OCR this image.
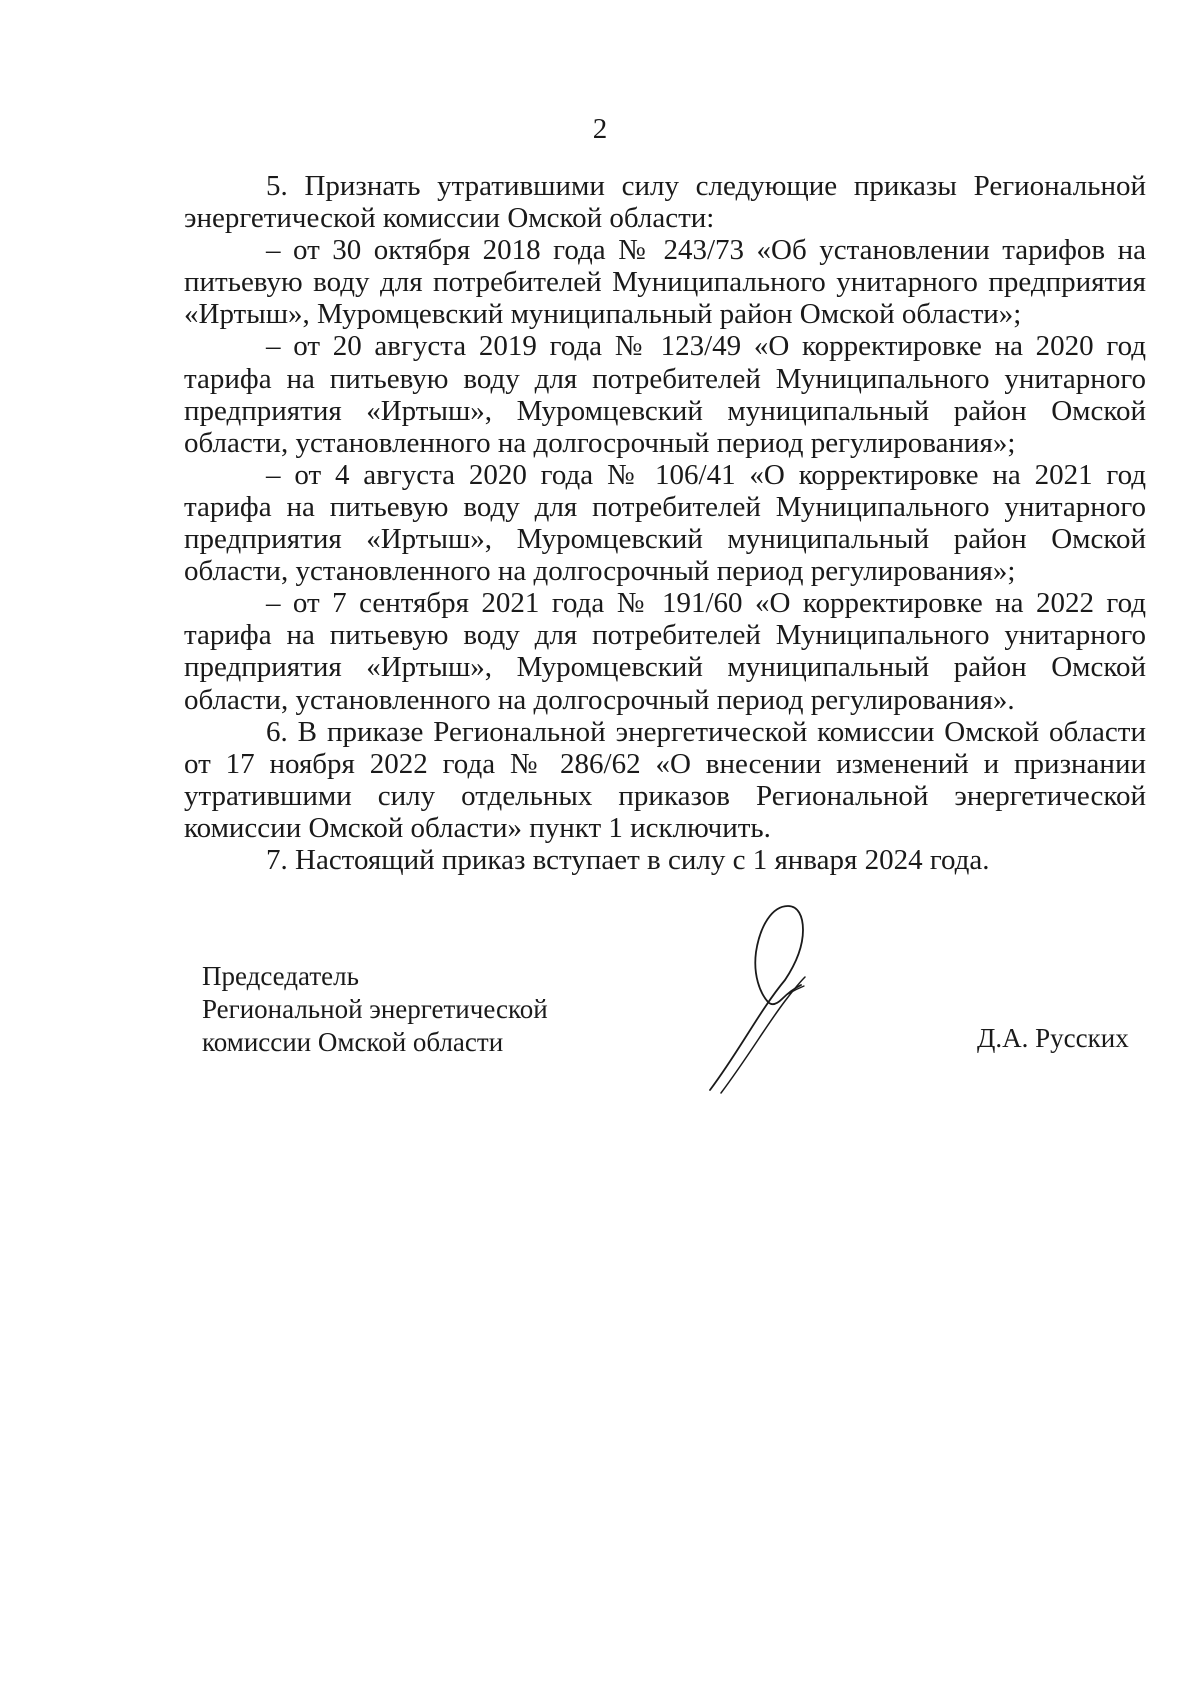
2

5. Признать утратившими силу следующие приказы Региональной энергетической комиссии Омской области:

– от 30 октября 2018 года № 243/73 «Об установлении тарифов на питьевую воду для потребителей Муниципального унитарного предприятия «Иртыш», Муромцевский муниципальный район Омской области»;

– от 20 августа 2019 года № 123/49 «О корректировке на 2020 год тарифа на питьевую воду для потребителей Муниципального унитарного предприятия «Иртыш», Муромцевский муниципальный район Омской области, установленного на долгосрочный период регулирования»;

– от 4 августа 2020 года № 106/41 «О корректировке на 2021 год тарифа на питьевую воду для потребителей Муниципального унитарного предприятия «Иртыш», Муромцевский муниципальный район Омской области, установленного на долгосрочный период регулирования»;

– от 7 сентября 2021 года № 191/60 «О корректировке на 2022 год тарифа на питьевую воду для потребителей Муниципального унитарного предприятия «Иртыш», Муромцевский муниципальный район Омской области, установленного на долгосрочный период регулирования».

6. В приказе Региональной энергетической комиссии Омской области от 17 ноября 2022 года № 286/62 «О внесении изменений и признании утратившими силу отдельных приказов Региональной энергетической комиссии Омской области» пункт 1 исключить.

7. Настоящий приказ вступает в силу с 1 января 2024 года.

Председатель
Региональной энергетической
комиссии Омской области	Д.А. Русских
